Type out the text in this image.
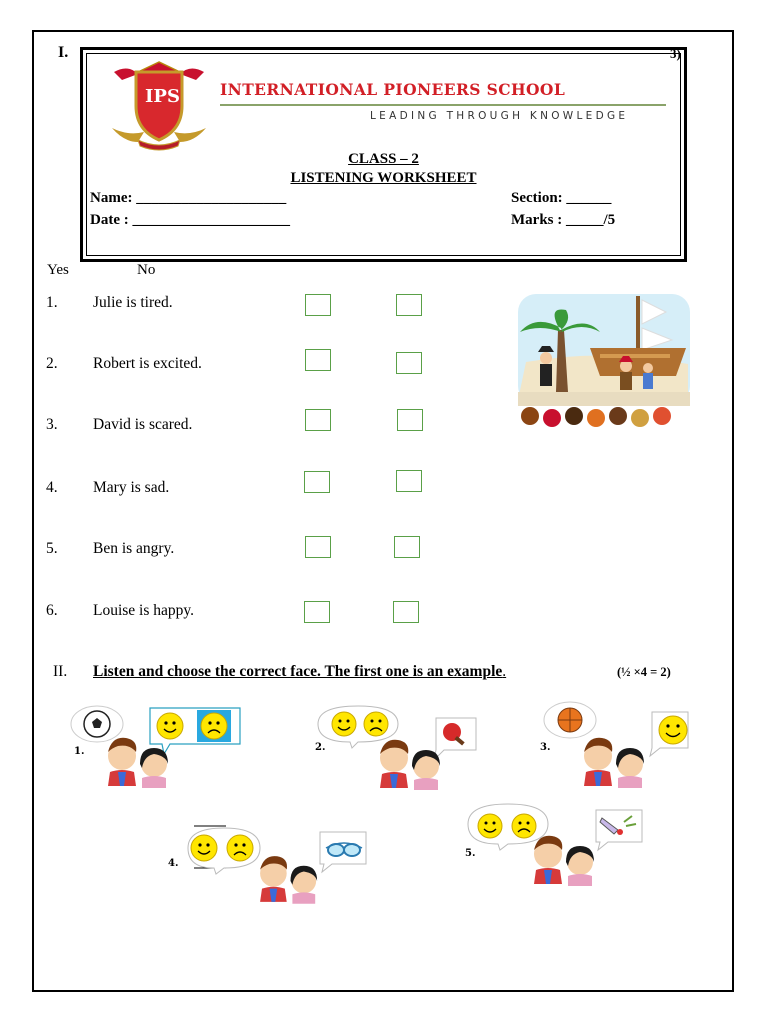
I.	3)
IPS	INTERNATIONAL PIONEERS SCHOOL
LEADING THROUGH KNOWLEDGE
CLASS – 2
LISTENING WORKSHEET
Name: ____________________
Date : _____________________
Section: ______
Marks : _____/5
Yes	No
1. Julie is tired.
2. Robert is excited.
3. David is scared.
4. Mary is sad.
5. Ben is angry.
6. Louise is happy.
II. Listen and choose the correct face. The first one is an example.	(½ ×4 = 2)
1.	2.	3.
4.
5.
